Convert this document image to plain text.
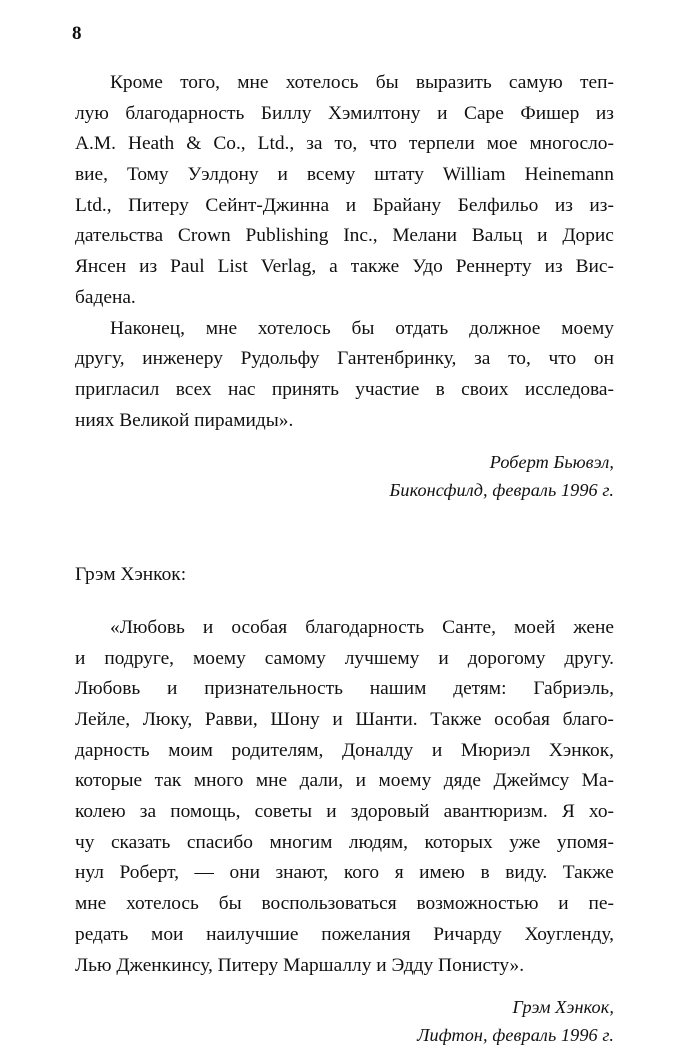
8
Кроме того, мне хотелось бы выразить самую теп-
лую благодарность Биллу Хэмилтону и Саре Фишер из
A.M. Heath & Co., Ltd., за то, что терпели мое многосло-
вие, Тому Уэлдону и всему штату William Heinemann
Ltd., Питеру Сейнт-Джинна и Брайану Белфильо из из-
дательства Crown Publishing Inc., Мелани Вальц и Дорис
Янсен из Paul List Verlag, а также Удо Реннерту из Вис-
бадена.
Наконец, мне хотелось бы отдать должное моему
другу, инженеру Рудольфу Гантенбринку, за то, что он
пригласил всех нас принять участие в своих исследова-
ниях Великой пирамиды».
Роберт Бьювэл,
Биконсфилд, февраль 1996 г.
Грэм Хэнкок:
«Любовь и особая благодарность Санте, моей жене
и подруге, моему самому лучшему и дорогому другу.
Любовь и признательность нашим детям: Габриэль,
Лейле, Люку, Равви, Шону и Шанти. Также особая благо-
дарность моим родителям, Доналду и Мюриэл Хэнкок,
которые так много мне дали, и моему дяде Джеймсу Ма-
колею за помощь, советы и здоровый авантюризм. Я хо-
чу сказать спасибо многим людям, которых уже упомя-
нул Роберт, — они знают, кого я имею в виду. Также
мне хотелось бы воспользоваться возможностью и пе-
редать мои наилучшие пожелания Ричарду Хоугленду,
Лью Дженкинсу, Питеру Маршаллу и Эдду Понисту».
Грэм Хэнкок,
Лифтон, февраль 1996 г.
